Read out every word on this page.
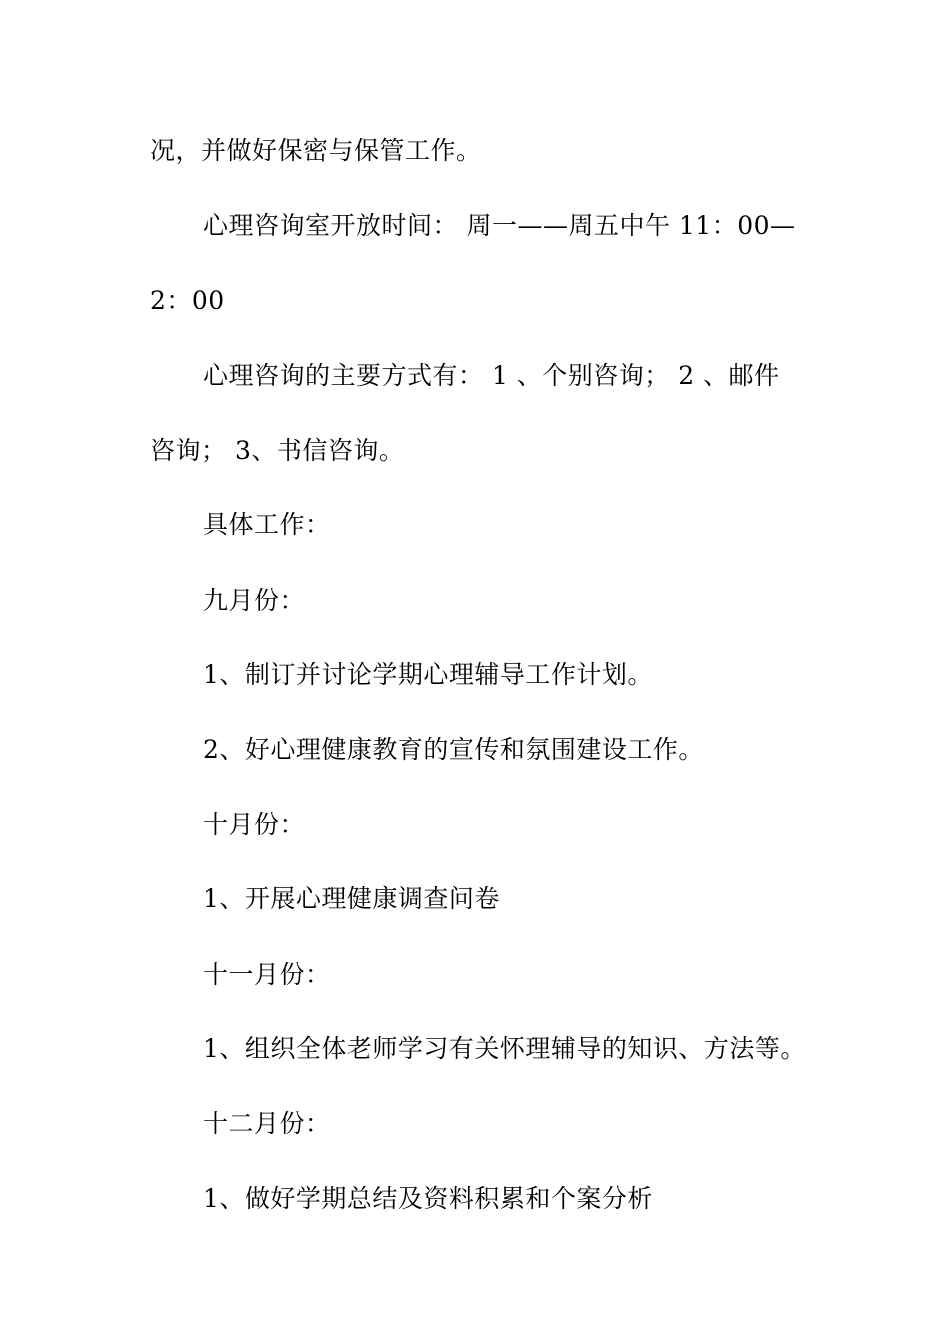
况，并做好保密与保管工作。
心理咨询室开放时间： 周一——周五中午 11：00—
2：00
心理咨询的主要方式有： 1 、个别咨询； 2 、邮件
咨询； 3、书信咨询。
具体工作：
九月份：
1、制订并讨论学期心理辅导工作计划。
2、好心理健康教育的宣传和氛围建设工作。
十月份：
1、开展心理健康调查问卷
十一月份：
1、组织全体老师学习有关怀理辅导的知识、方法等。
十二月份：
1、做好学期总结及资料积累和个案分析
